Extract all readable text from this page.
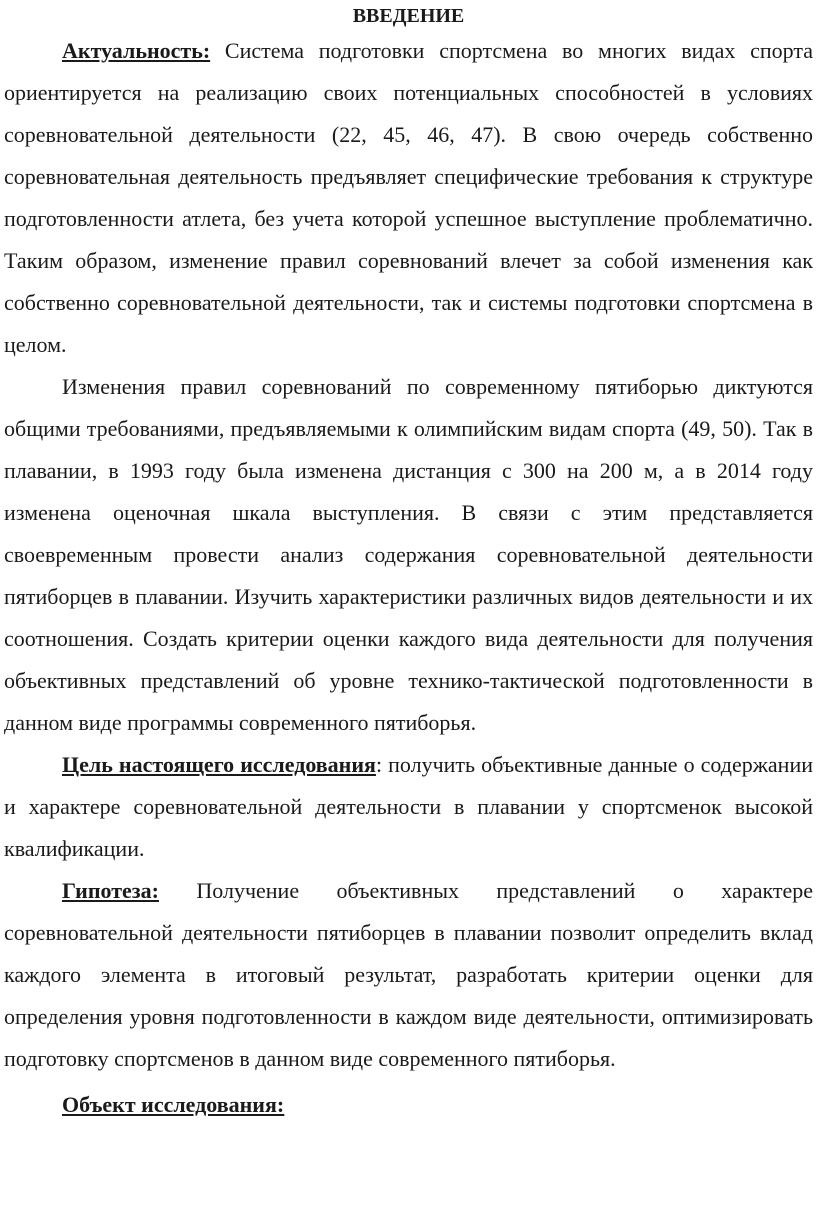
ВВЕДЕНИЕ

Актуальность: Система подготовки спортсмена во многих видах спорта ориентируется на реализацию своих потенциальных способностей в условиях соревновательной деятельности (22, 45, 46, 47). В свою очередь собственно соревновательная деятельность предъявляет специфические требования к структуре подготовленности атлета, без учета которой успешное выступление проблематично. Таким образом, изменение правил соревнований влечет за собой изменения как собственно соревновательной деятельности, так и системы подготовки спортсмена в целом.

Изменения правил соревнований по современному пятиборью диктуются общими требованиями, предъявляемыми к олимпийским видам спорта (49, 50). Так в плавании, в 1993 году была изменена дистанция с 300 на 200 м, а в 2014 году изменена оценочная шкала выступления. В связи с этим представляется своевременным провести анализ содержания соревновательной деятельности пятиборцев в плавании. Изучить характеристики различных видов деятельности и их соотношения. Создать критерии оценки каждого вида деятельности для получения объективных представлений об уровне технико-тактической подготовленности в данном виде программы современного пятиборья.

Цель настоящего исследования: получить объективные данные о содержании и характере соревновательной деятельности в плавании у спортсменок высокой квалификации.

Гипотеза: Получение объективных представлений о характере соревновательной деятельности пятиборцев в плавании позволит определить вклад каждого элемента в итоговый результат, разработать критерии оценки для определения уровня подготовленности в каждом виде деятельности, оптимизировать подготовку спортсменов в данном виде современного пятиборья.

Объект исследования:
